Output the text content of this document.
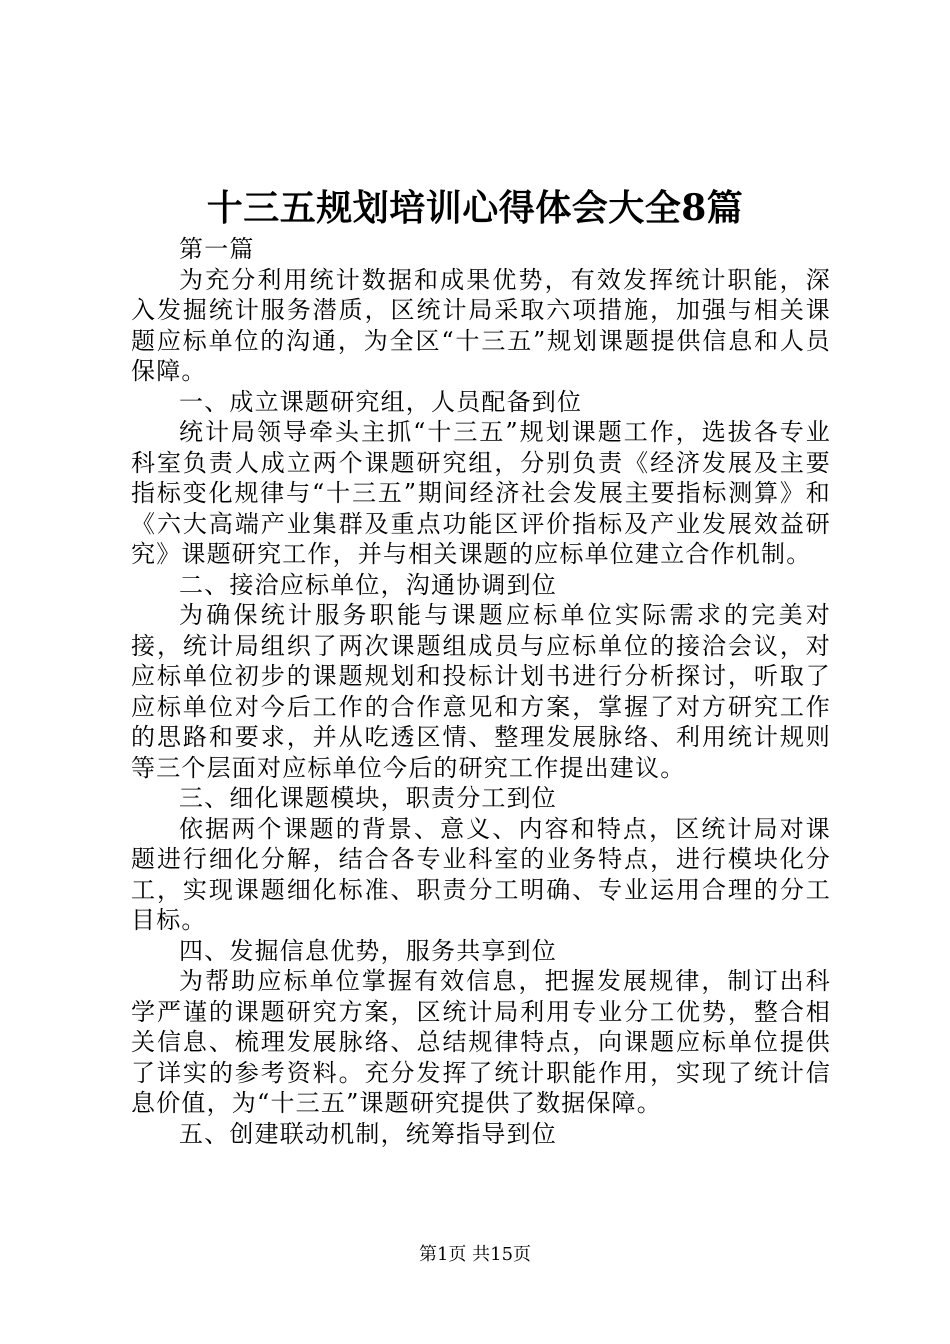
十三五规划培训心得体会大全8篇

第一篇

为充分利用统计数据和成果优势，有效发挥统计职能，深入发掘统计服务潜质，区统计局采取六项措施，加强与相关课题应标单位的沟通，为全区“十三五”规划课题提供信息和人员保障。

一、成立课题研究组，人员配备到位

统计局领导牵头主抓“十三五”规划课题工作，选拔各专业科室负责人成立两个课题研究组，分别负责《经济发展及主要指标变化规律与“十三五”期间经济社会发展主要指标测算》和《六大高端产业集群及重点功能区评价指标及产业发展效益研究》课题研究工作，并与相关课题的应标单位建立合作机制。

二、接洽应标单位，沟通协调到位

为确保统计服务职能与课题应标单位实际需求的完美对接，统计局组织了两次课题组成员与应标单位的接洽会议，对应标单位初步的课题规划和投标计划书进行分析探讨，听取了应标单位对今后工作的合作意见和方案，掌握了对方研究工作的思路和要求，并从吃透区情、整理发展脉络、利用统计规则等三个层面对应标单位今后的研究工作提出建议。

三、细化课题模块，职责分工到位

依据两个课题的背景、意义、内容和特点，区统计局对课题进行细化分解，结合各专业科室的业务特点，进行模块化分工，实现课题细化标准、职责分工明确、专业运用合理的分工目标。

四、发掘信息优势，服务共享到位

为帮助应标单位掌握有效信息，把握发展规律，制订出科学严谨的课题研究方案，区统计局利用专业分工优势，整合相关信息、梳理发展脉络、总结规律特点，向课题应标单位提供了详实的参考资料。充分发挥了统计职能作用，实现了统计信息价值，为“十三五”课题研究提供了数据保障。

五、创建联动机制，统筹指导到位

第1页 共15页
